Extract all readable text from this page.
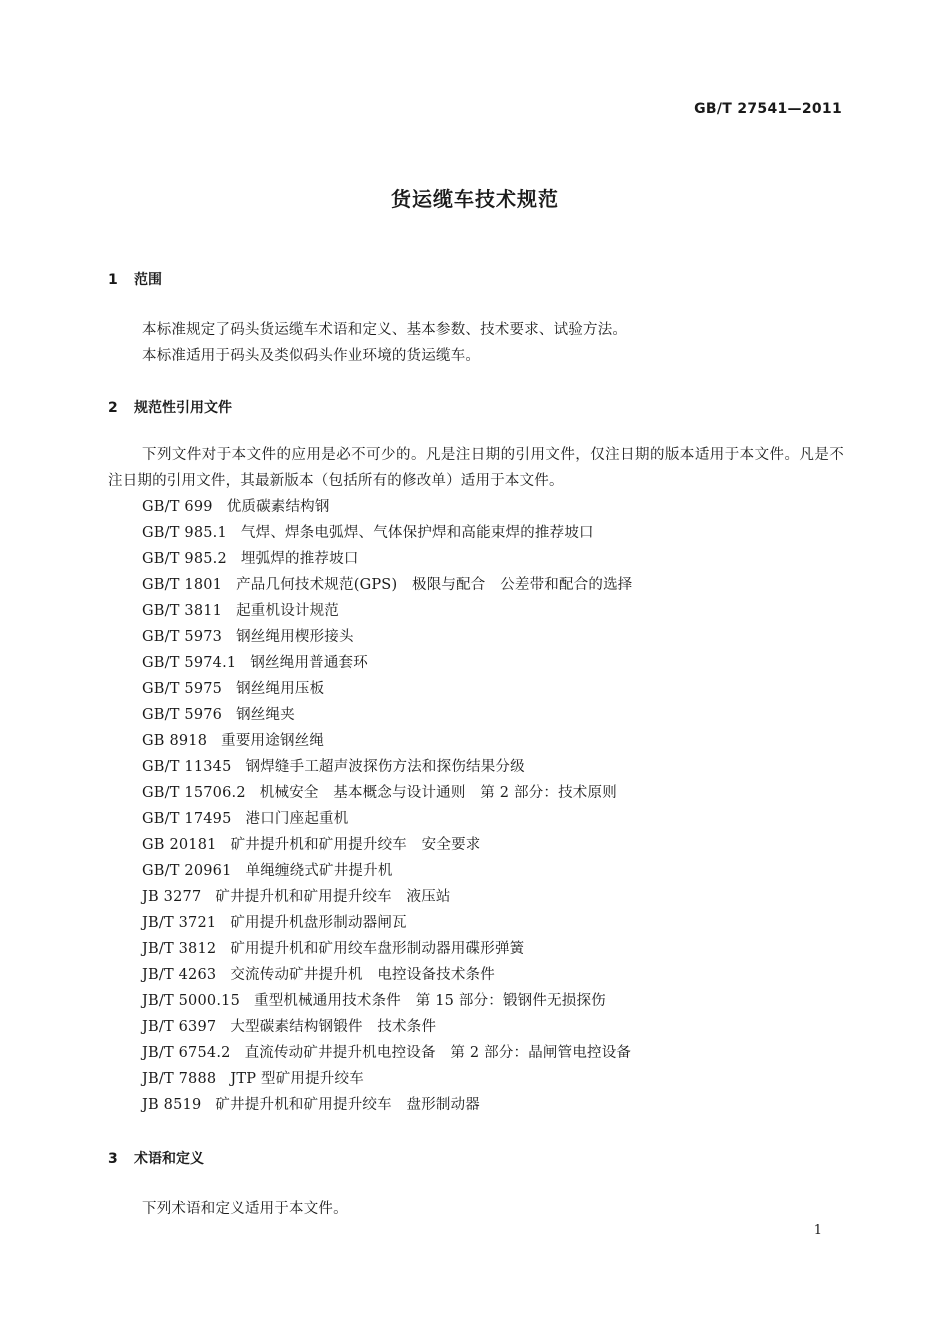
GB/T 27541—2011
货运缆车技术规范
1 范围
本标准规定了码头货运缆车术语和定义、基本参数、技术要求、试验方法。
本标准适用于码头及类似码头作业环境的货运缆车。
2 规范性引用文件
下列文件对于本文件的应用是必不可少的。凡是注日期的引用文件，仅注日期的版本适用于本文件。凡是不注日期的引用文件，其最新版本（包括所有的修改单）适用于本文件。
GB/T 699 优质碳素结构钢
GB/T 985.1 气焊、焊条电弧焊、气体保护焊和高能束焊的推荐坡口
GB/T 985.2 埋弧焊的推荐坡口
GB/T 1801 产品几何技术规范(GPS)　极限与配合　公差带和配合的选择
GB/T 3811 起重机设计规范
GB/T 5973 钢丝绳用楔形接头
GB/T 5974.1 钢丝绳用普通套环
GB/T 5975 钢丝绳用压板
GB/T 5976 钢丝绳夹
GB 8918 重要用途钢丝绳
GB/T 11345 钢焊缝手工超声波探伤方法和探伤结果分级
GB/T 15706.2 机械安全　基本概念与设计通则　第 2 部分：技术原则
GB/T 17495 港口门座起重机
GB 20181 矿井提升机和矿用提升绞车　安全要求
GB/T 20961 单绳缠绕式矿井提升机
JB 3277 矿井提升机和矿用提升绞车　液压站
JB/T 3721 矿用提升机盘形制动器闸瓦
JB/T 3812 矿用提升机和矿用绞车盘形制动器用碟形弹簧
JB/T 4263 交流传动矿井提升机　电控设备技术条件
JB/T 5000.15 重型机械通用技术条件　第 15 部分：锻钢件无损探伤
JB/T 6397 大型碳素结构钢锻件　技术条件
JB/T 6754.2 直流传动矿井提升机电控设备　第 2 部分：晶闸管电控设备
JB/T 7888 JTP 型矿用提升绞车
JB 8519 矿井提升机和矿用提升绞车　盘形制动器
3 术语和定义
下列术语和定义适用于本文件。
1
